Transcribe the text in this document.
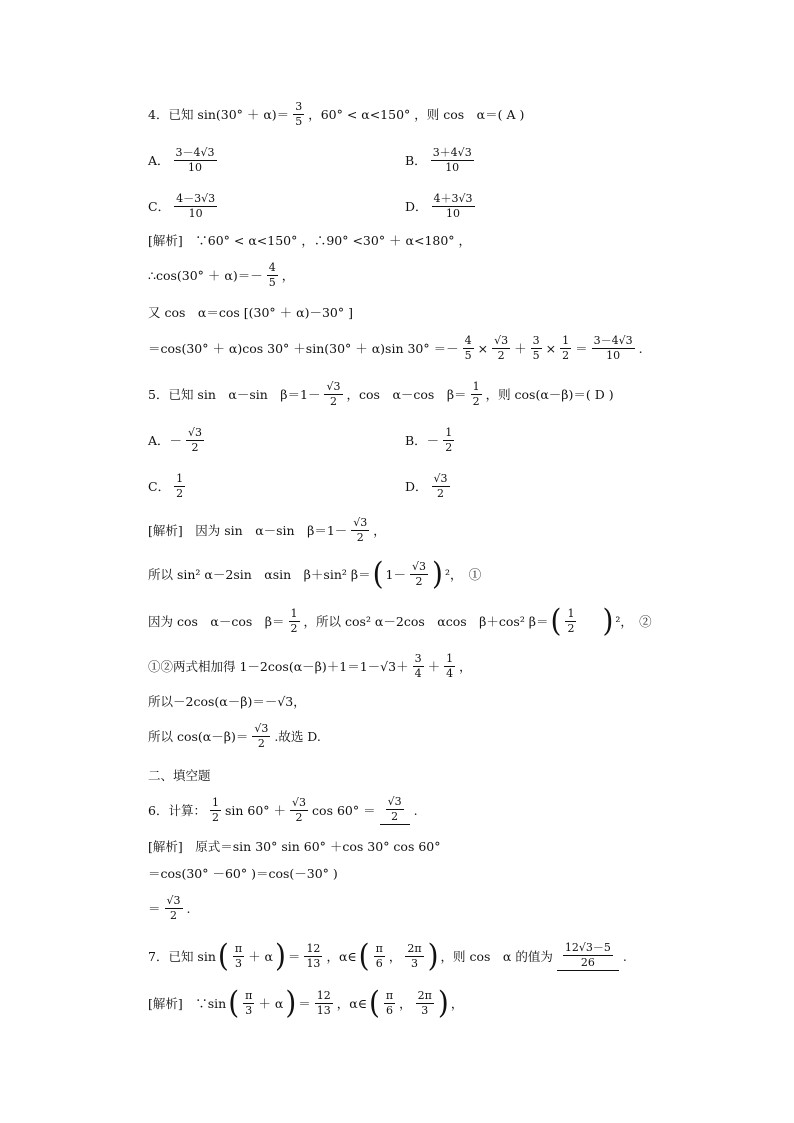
4．已知 $\sin(30^\circ + \alpha)= \frac{3}{5}$ ，60° < α<150° ，则 cos　α＝( A )
A． $\frac{3-4√3}{10}$	B． $\frac{3+4√3}{10}$
C． $\frac{4-3√3}{10}$	D． $\frac{4+3√3}{10}$
[解析]　∵60° < α<150° ，∴90° <30° ＋ α<180° ，
∴cos(30° ＋ $\alpha)=- \frac{4}{5}$ ，
又 cos　α＝cos [(30° ＋ α)－30° ]
＝cos(30° ＋ α)cos 30° ＋sin(30° ＋ α)sin $30^\circ =- \frac{4}{5} \times \frac{√3}{2} + \frac{3}{5} \times \frac{1}{2} = \frac{3-4√3}{10}$ .
5．已知 sin　α－sin　$\beta=1- \frac{√3}{2}$ ，cos　α－cos　$\beta= \frac{1}{2}$ ，则 cos(α－β)＝( D )
A．－ $\frac{√3}{2}$	B．－ $\frac{1}{2}$
C． $\frac{1}{2}$	D． $\frac{√3}{2}$
[解析]　因为 sin　α－sin　$\beta=1- \frac{√3}{2}$ ，
所以 sin² α－2sin　αsin　β＋sin² β＝ ( $1- \frac{√3}{2}$ ) ²，　①
因为 cos　α－cos　$\beta= \frac{1}{2}$ ，所以 cos² α－2cos　αcos　β＋cos² β＝ ( $\frac{1}{2}$ ) ²，　②
①②两式相加得 $1-2\cos(\alpha-\beta)+1=1-√3+ \frac{3}{4} + \frac{1}{4}$ ，
所以－2cos(α－β)＝－√3，
所以 $\cos(\alpha-\beta)= \frac{√3}{2}$ .故选 D.
二、填空题
6．计算： $\frac{1}{2}$ $\sin 60^\circ + \frac{√3}{2}$ $\cos 60^\circ = \frac{√3}{2}$ .
[解析]　原式＝sin 30° sin 60° ＋cos 30° cos 60°
＝cos(30° －60° )＝cos(－30° )
＝ $\frac{√3}{2}$ .
7．已知 sin ( $\frac{\pi}{3} + \alpha$ ) ＝ $\frac{12}{13}$ ，α∈ ( $\frac{\pi}{6}$ ， $\frac{2\pi}{3}$ ) ，则 cos　α 的值为 $\frac{12√3-5}{26}$ .
[解析]　∵sin ( $\frac{\pi}{3} + \alpha$ ) ＝ $\frac{12}{13}$ ，α∈ ( $\frac{\pi}{6}$ ， $\frac{2\pi}{3}$ ) ，
